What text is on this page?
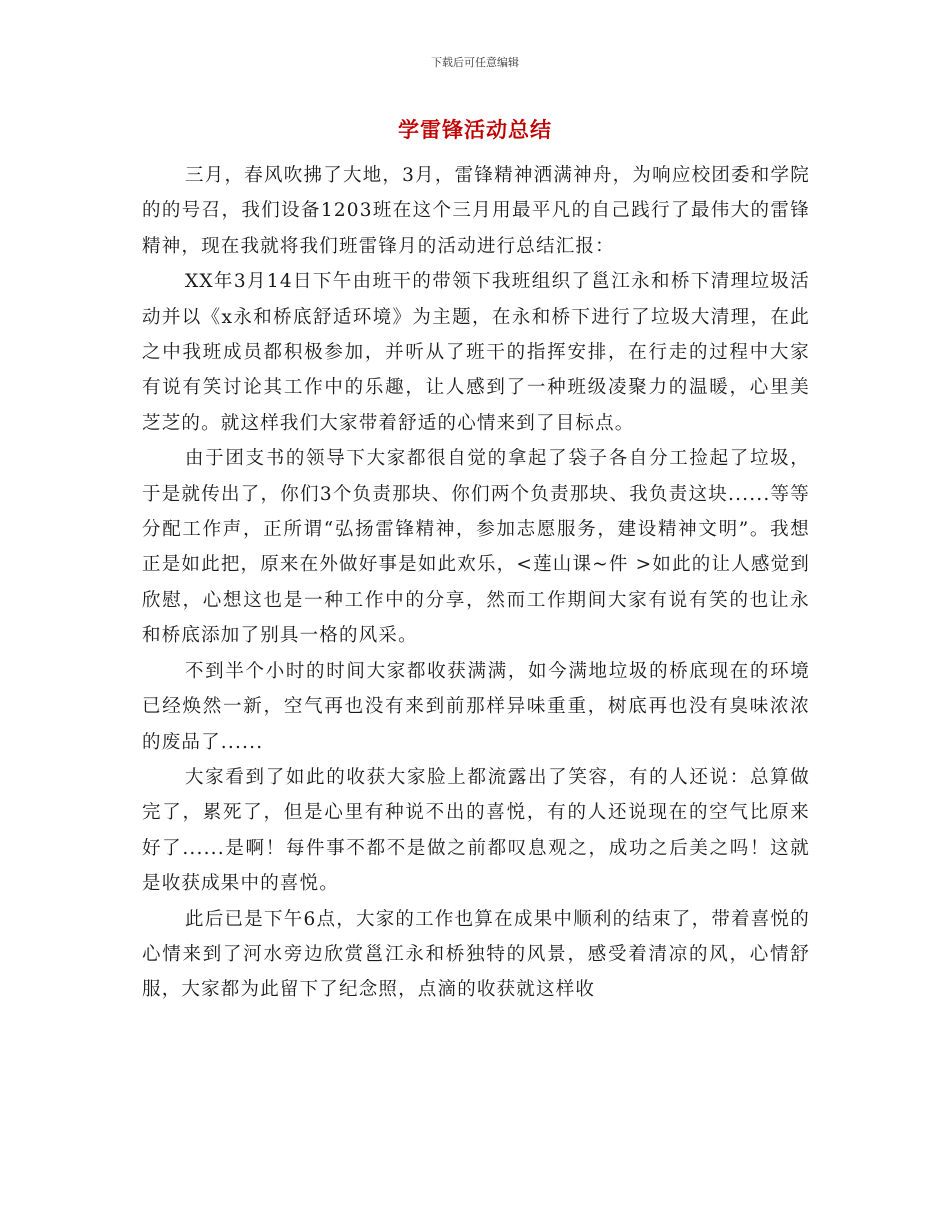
下载后可任意编辑
学雷锋活动总结

三月，春风吹拂了大地，3月，雷锋精神洒满神舟，为响应校团委和学院的的号召，我们设备1203班在这个三月用最平凡的自己践行了最伟大的雷锋精神，现在我就将我们班雷锋月的活动进行总结汇报：

XX年3月14日下午由班干的带领下我班组织了邕江永和桥下清理垃圾活动并以《x永和桥底舒适环境》为主题，在永和桥下进行了垃圾大清理，在此之中我班成员都积极参加，并听从了班干的指挥安排，在行走的过程中大家有说有笑讨论其工作中的乐趣，让人感到了一种班级凌聚力的温暖，心里美芝芝的。就这样我们大家带着舒适的心情来到了目标点。

由于团支书的领导下大家都很自觉的拿起了袋子各自分工捡起了垃圾，于是就传出了，你们3个负责那块、你们两个负责那块、我负责这块......等等分配工作声，正所谓“弘扬雷锋精神，参加志愿服务，建设精神文明”。我想正是如此把，原来在外做好事是如此欢乐，<莲山课~件 >如此的让人感觉到欣慰，心想这也是一种工作中的分享，然而工作期间大家有说有笑的也让永和桥底添加了别具一格的风采。

不到半个小时的时间大家都收获满满，如今满地垃圾的桥底现在的环境已经焕然一新，空气再也没有来到前那样异味重重，树底再也没有臭味浓浓的废品了......

大家看到了如此的收获大家脸上都流露出了笑容，有的人还说：总算做完了，累死了，但是心里有种说不出的喜悦，有的人还说现在的空气比原来好了......是啊！每件事不都不是做之前都叹息观之，成功之后美之吗！这就是收获成果中的喜悦。

此后已是下午6点，大家的工作也算在成果中顺利的结束了，带着喜悦的心情来到了河水旁边欣赏邕江永和桥独特的风景，感受着清凉的风，心情舒服，大家都为此留下了纪念照，点滴的收获就这样收
